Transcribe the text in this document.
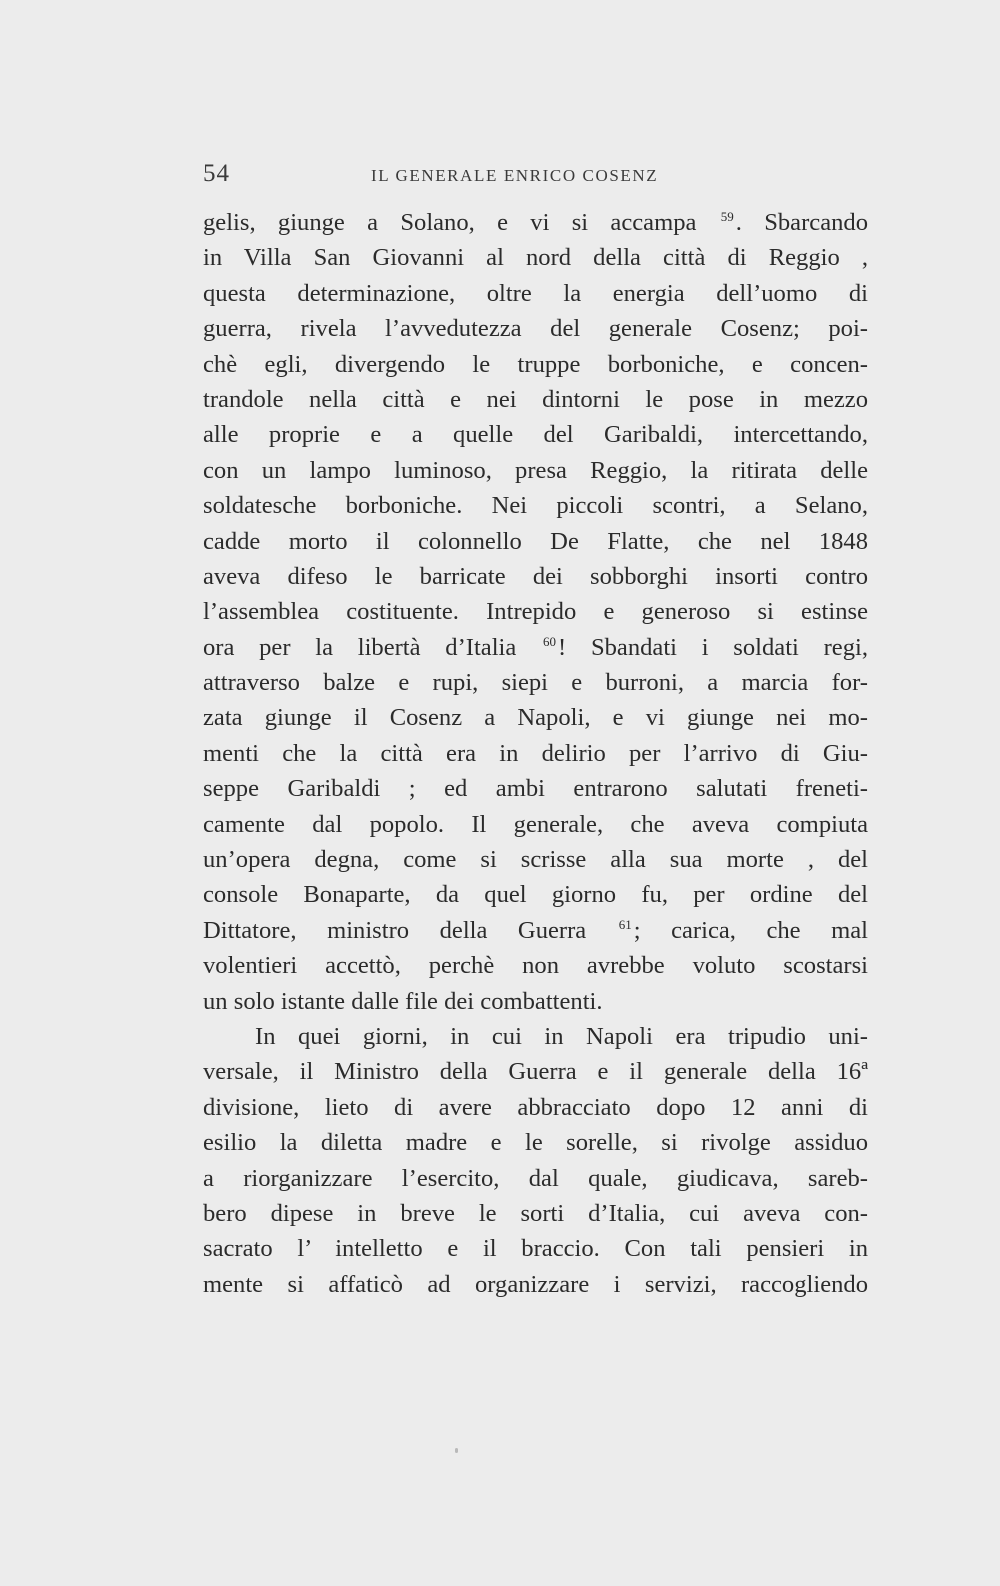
54	IL GENERALE ENRICO COSENZ
gelis, giunge a Solano, e vi si accampa $^{59}$. Sbarcando
in Villa San Giovanni al nord della città di Reggio ,
questa determinazione, oltre la energia dell’uomo di
guerra, rivela l’avvedutezza del generale Cosenz; poi-
chè egli, divergendo le truppe borboniche, e concen-
trandole nella città e nei dintorni le pose in mezzo
alle proprie e a quelle del Garibaldi, intercettando,
con un lampo luminoso, presa Reggio, la ritirata delle
soldatesche borboniche. Nei piccoli scontri, a Selano,
cadde morto il colonnello De Flatte, che nel 1848
aveva difeso le barricate dei sobborghi insorti contro
l’assemblea costituente. Intrepido e generoso si estinse
ora per la libertà d’Italia $^{60}$! Sbandati i soldati regi,
attraverso balze e rupi, siepi e burroni, a marcia for-
zata giunge il Cosenz a Napoli, e vi giunge nei mo-
menti che la città era in delirio per l’arrivo di Giu-
seppe Garibaldi ; ed ambi entrarono salutati freneti-
camente dal popolo. Il generale, che aveva compiuta
un’opera degna, come si scrisse alla sua morte , del
console Bonaparte, da quel giorno fu, per ordine del
Dittatore, ministro della Guerra $^{61}$; carica, che mal
volentieri accettò, perchè non avrebbe voluto scostarsi
un solo istante dalle file dei combattenti.
In quei giorni, in cui in Napoli era tripudio uni-
versale, il Ministro della Guerra e il generale della 16ª
divisione, lieto di avere abbracciato dopo 12 anni di
esilio la diletta madre e le sorelle, si rivolge assiduo
a riorganizzare l’esercito, dal quale, giudicava, sareb-
bero dipese in breve le sorti d’Italia, cui aveva con-
sacrato l’ intelletto e il braccio. Con tali pensieri in
mente si affaticò ad organizzare i servizi, raccogliendo
